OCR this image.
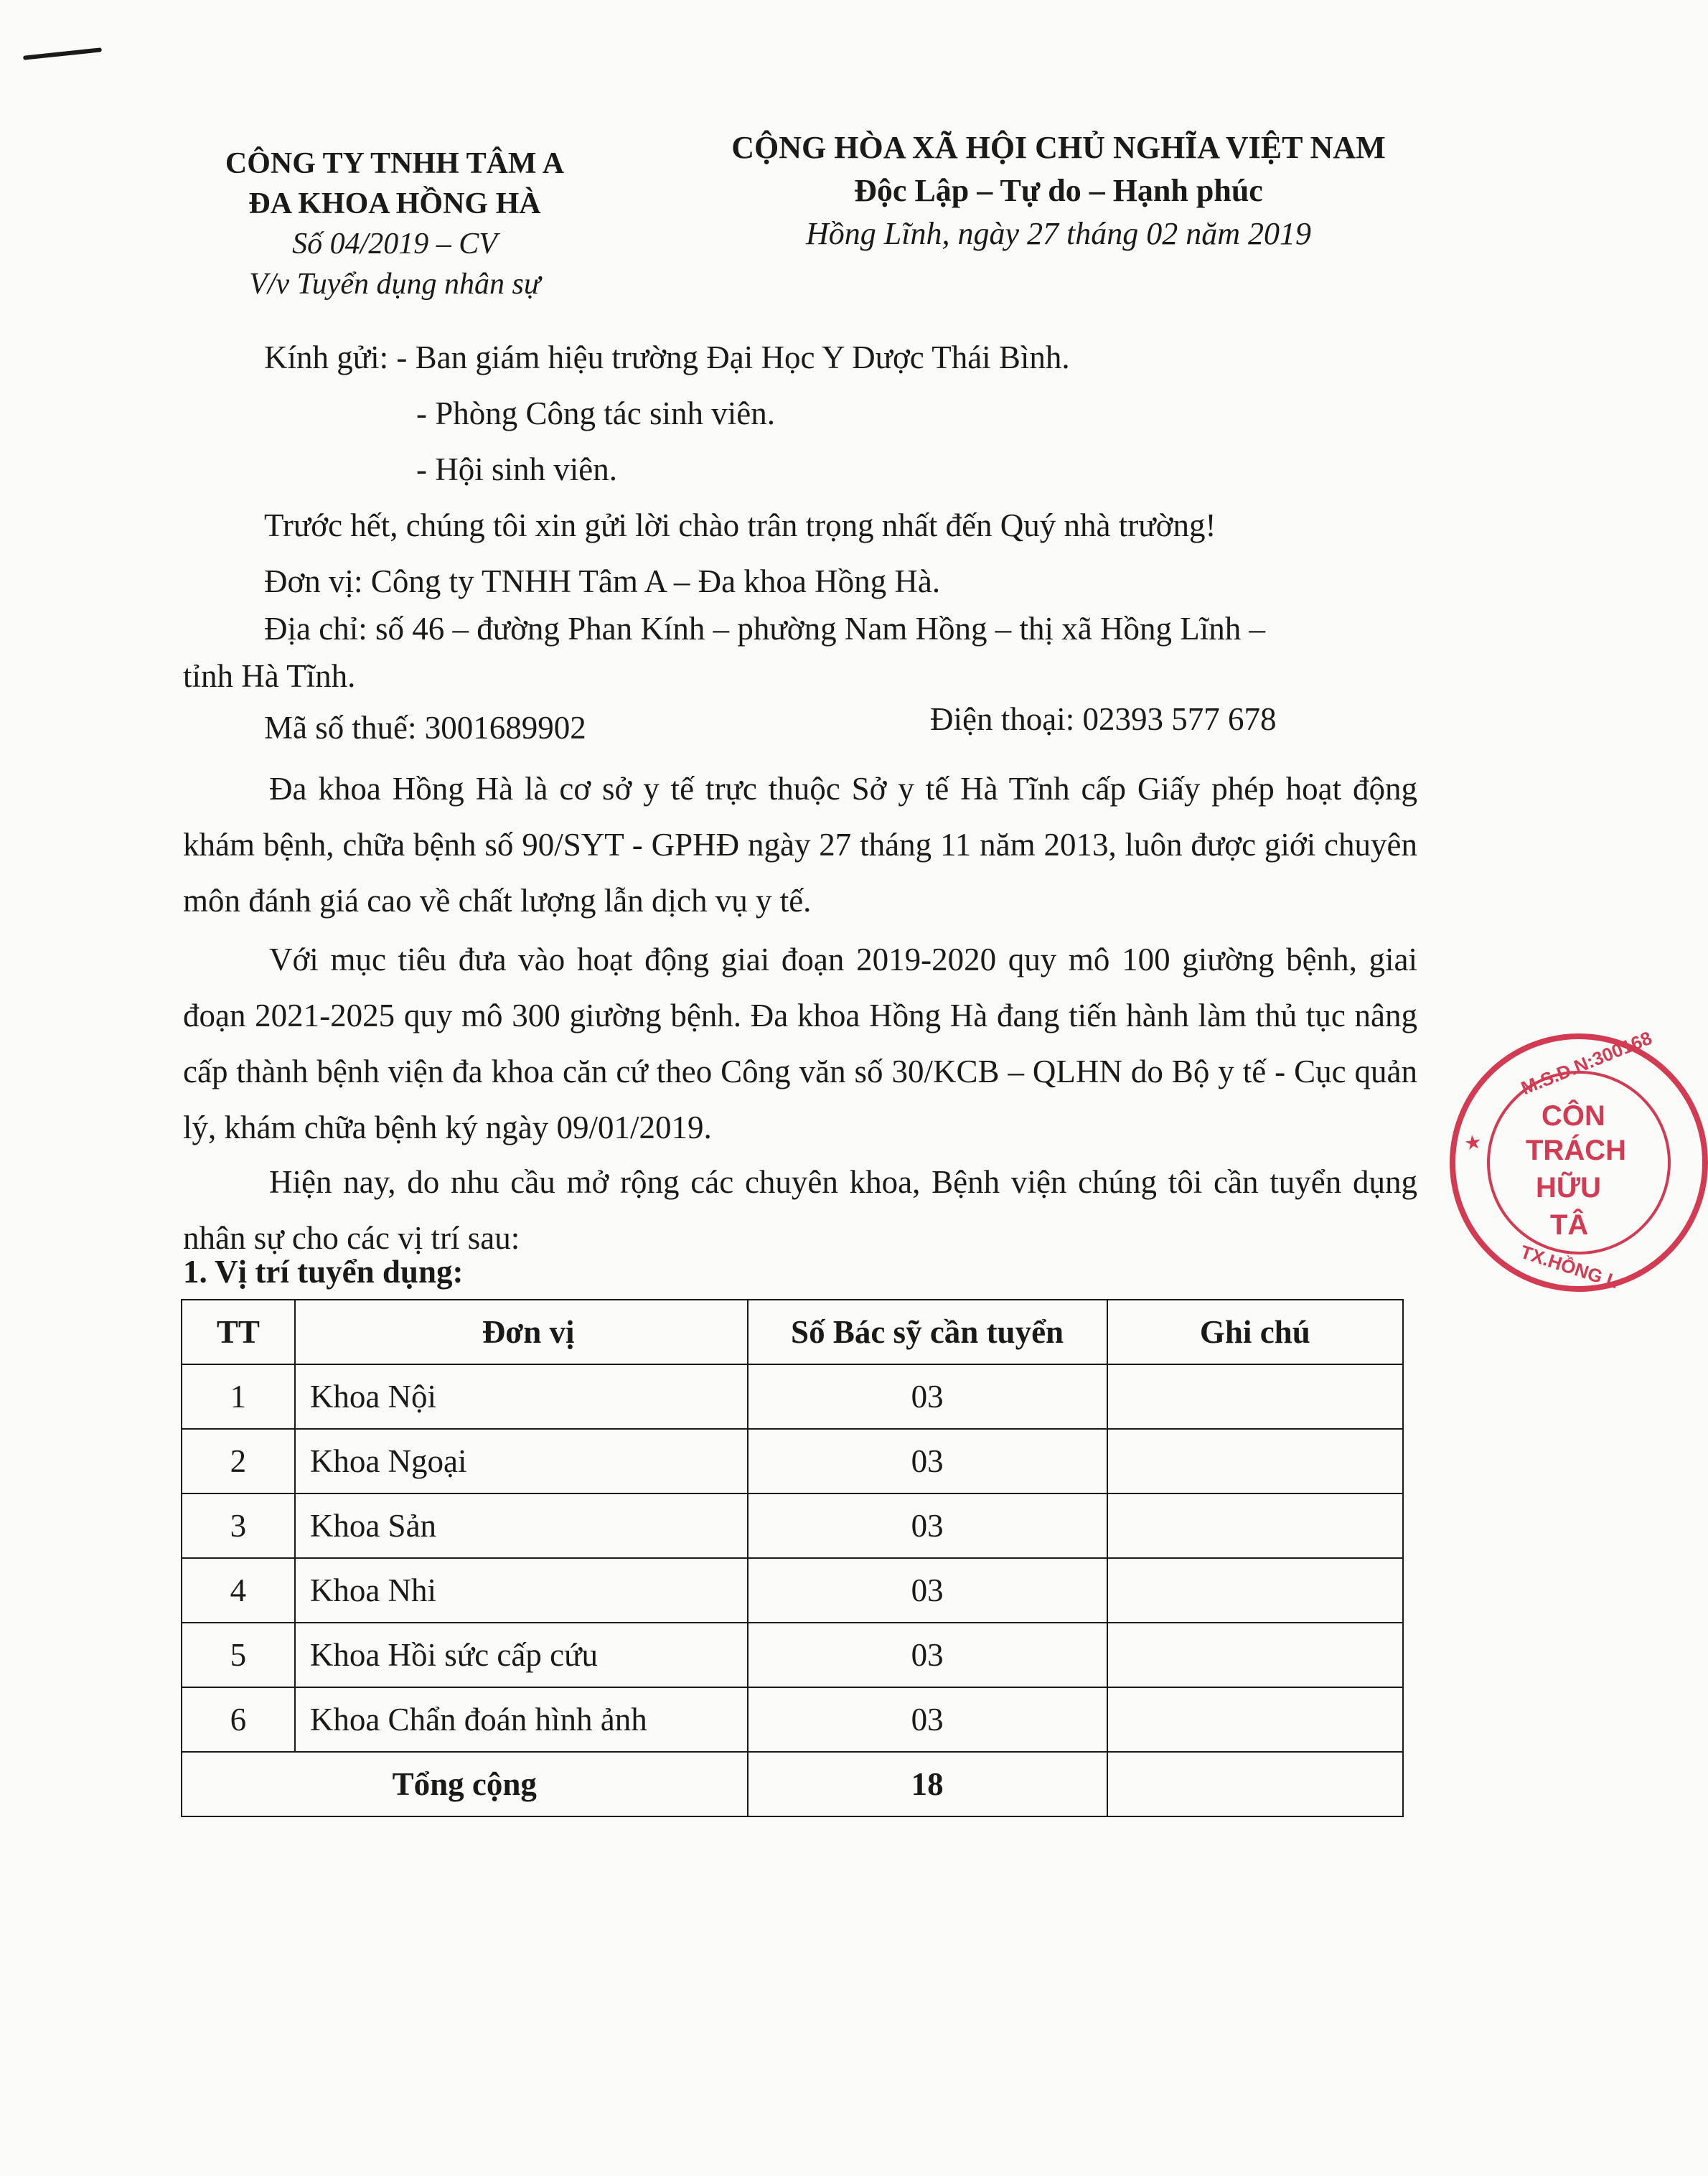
CÔNG TY TNHH TÂM A
ĐA KHOA HỒNG HÀ
Số 04/2019 – CV
V/v Tuyển dụng nhân sự
CỘNG HÒA XÃ HỘI CHỦ NGHĨA VIỆT NAM
Độc Lập – Tự do – Hạnh phúc
Hồng Lĩnh, ngày 27 tháng 02 năm 2019
Kính gửi: - Ban giám hiệu trường Đại Học Y Dược Thái Bình.
- Phòng Công tác sinh viên.
- Hội sinh viên.
Trước hết, chúng tôi xin gửi lời chào trân trọng nhất đến Quý nhà trường!
Đơn vị: Công ty TNHH Tâm A – Đa khoa Hồng Hà.
Địa chỉ: số 46 – đường Phan Kính – phường Nam Hồng – thị xã Hồng Lĩnh –
tỉnh Hà Tĩnh.
Mã số thuế: 3001689902	Điện thoại: 02393 577 678
Đa khoa Hồng Hà là cơ sở y tế trực thuộc Sở y tế Hà Tĩnh cấp Giấy phép hoạt động khám bệnh, chữa bệnh số 90/SYT - GPHĐ ngày 27 tháng 11 năm 2013, luôn được giới chuyên môn đánh giá cao về chất lượng lẫn dịch vụ y tế.
Với mục tiêu đưa vào hoạt động giai đoạn 2019-2020 quy mô 100 giường bệnh, giai đoạn 2021-2025 quy mô 300 giường bệnh. Đa khoa Hồng Hà đang tiến hành làm thủ tục nâng cấp thành bệnh viện đa khoa căn cứ theo Công văn số 30/KCB – QLHN do Bộ y tế - Cục quản lý, khám chữa bệnh ký ngày 09/01/2019.
Hiện nay, do nhu cầu mở rộng các chuyên khoa, Bệnh viện chúng tôi cần tuyển dụng nhân sự cho các vị trí sau:
1. Vị trí tuyển dụng:
TT	Đơn vị	Số Bác sỹ cần tuyển	Ghi chú
1	Khoa Nội	03	
2	Khoa Ngoại	03	
3	Khoa Sản	03	
4	Khoa Nhi	03	
5	Khoa Hồi sức cấp cứu	03	
6	Khoa Chẩn đoán hình ảnh	03	
Tổng cộng		18	
M.S.D.N:300168
★
CÔN
TRÁCH
HỮU
TÂ
TX.HỒNG L
